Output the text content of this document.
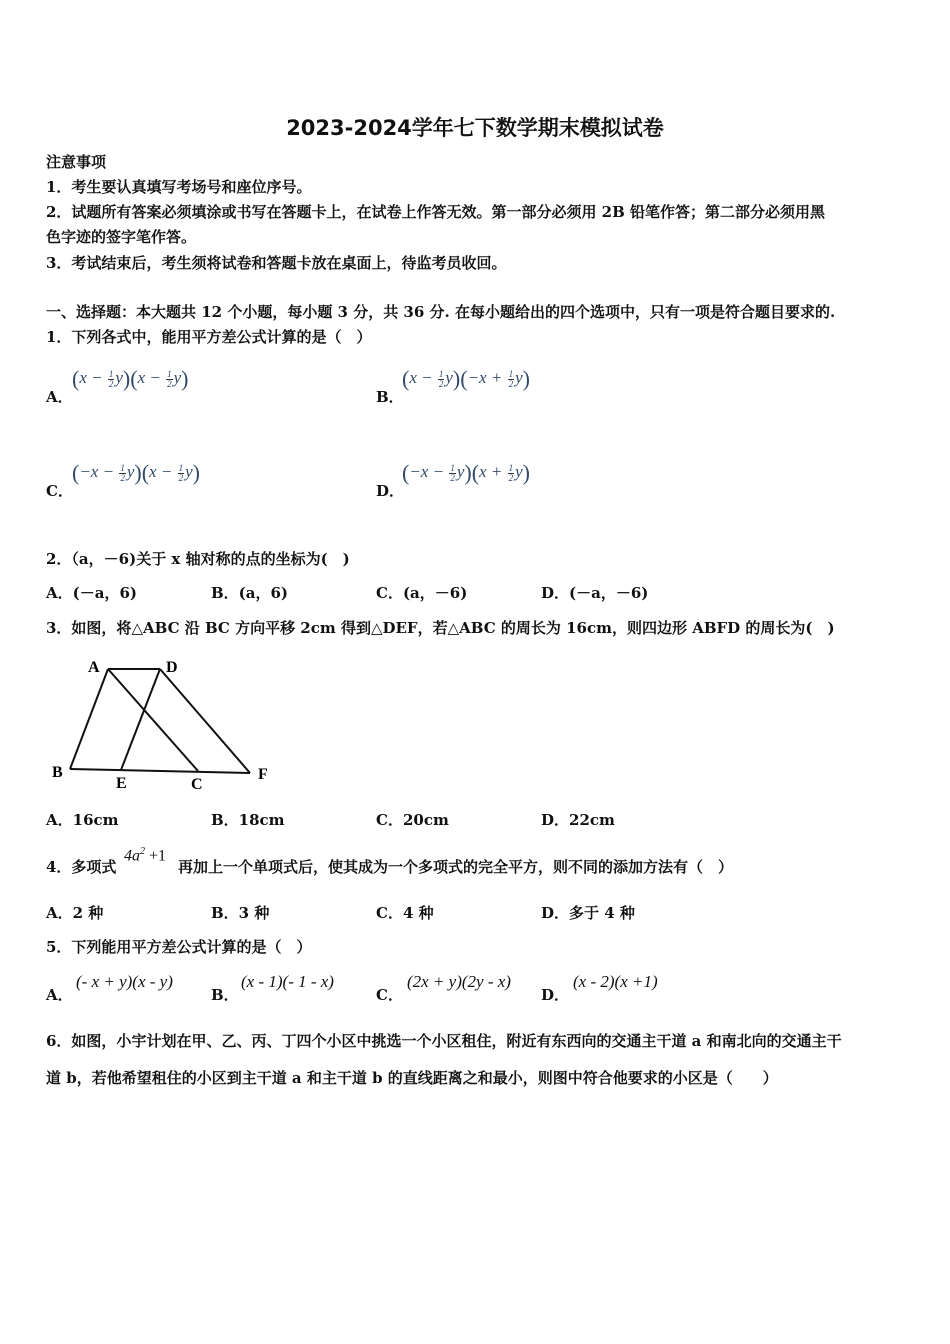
2023-2024学年七下数学期末模拟试卷
注意事项
1．考生要认真填写考场号和座位序号。
2．试题所有答案必须填涂或书写在答题卡上，在试卷上作答无效。第一部分必须用 2B 铅笔作答；第二部分必须用黑
色字迹的签字笔作答。
3．考试结束后，考生须将试卷和答题卡放在桌面上，待监考员收回。
一、选择题：本大题共 12 个小题，每小题 3 分，共 36 分. 在每小题给出的四个选项中，只有一项是符合题目要求的.
1．下列各式中，能用平方差公式计算的是（　）
A．
$(x - \frac{1}{2} y)(x - \frac{1}{2} y)$
B．
$(x - \frac{1}{2} y)(-x + \frac{1}{2} y)$
C．
$(-x - \frac{1}{2} y)(x - \frac{1}{2} y)$
D．
$(-x - \frac{1}{2} y)(x + \frac{1}{2} y)$
2．（a，－6)关于 x 轴对称的点的坐标为(　)
A．(－a，6)	B．(a，6)	C．(a，－6)	D．(－a，－6)
3．如图，将△ABC 沿 BC 方向平移 2cm 得到△DEF，若△ABC 的周长为 16cm，则四边形 ABFD 的周长为(　)
A	D
B
E	C
F
A．16cm	B．18cm	C．20cm	D．22cm
4．多项式
$4a^2 +1$
再加上一个单项式后，使其成为一个多项式的完全平方，则不同的添加方法有（　）
A．2 种	B．3 种	C．4 种	D．多于 4 种
5．下列能用平方差公式计算的是（　）
A．
(- x + y)(x - y)
B．
(x - 1)(- 1 - x)
C．
(2x + y)(2y - x)
D．
(x - 2)(x +1)
6．如图，小宇计划在甲、乙、丙、丁四个小区中挑选一个小区租住，附近有东西向的交通主干道 a 和南北向的交通主干
道 b，若他希望租住的小区到主干道 a 和主干道 b 的直线距离之和最小，则图中符合他要求的小区是（　　）
